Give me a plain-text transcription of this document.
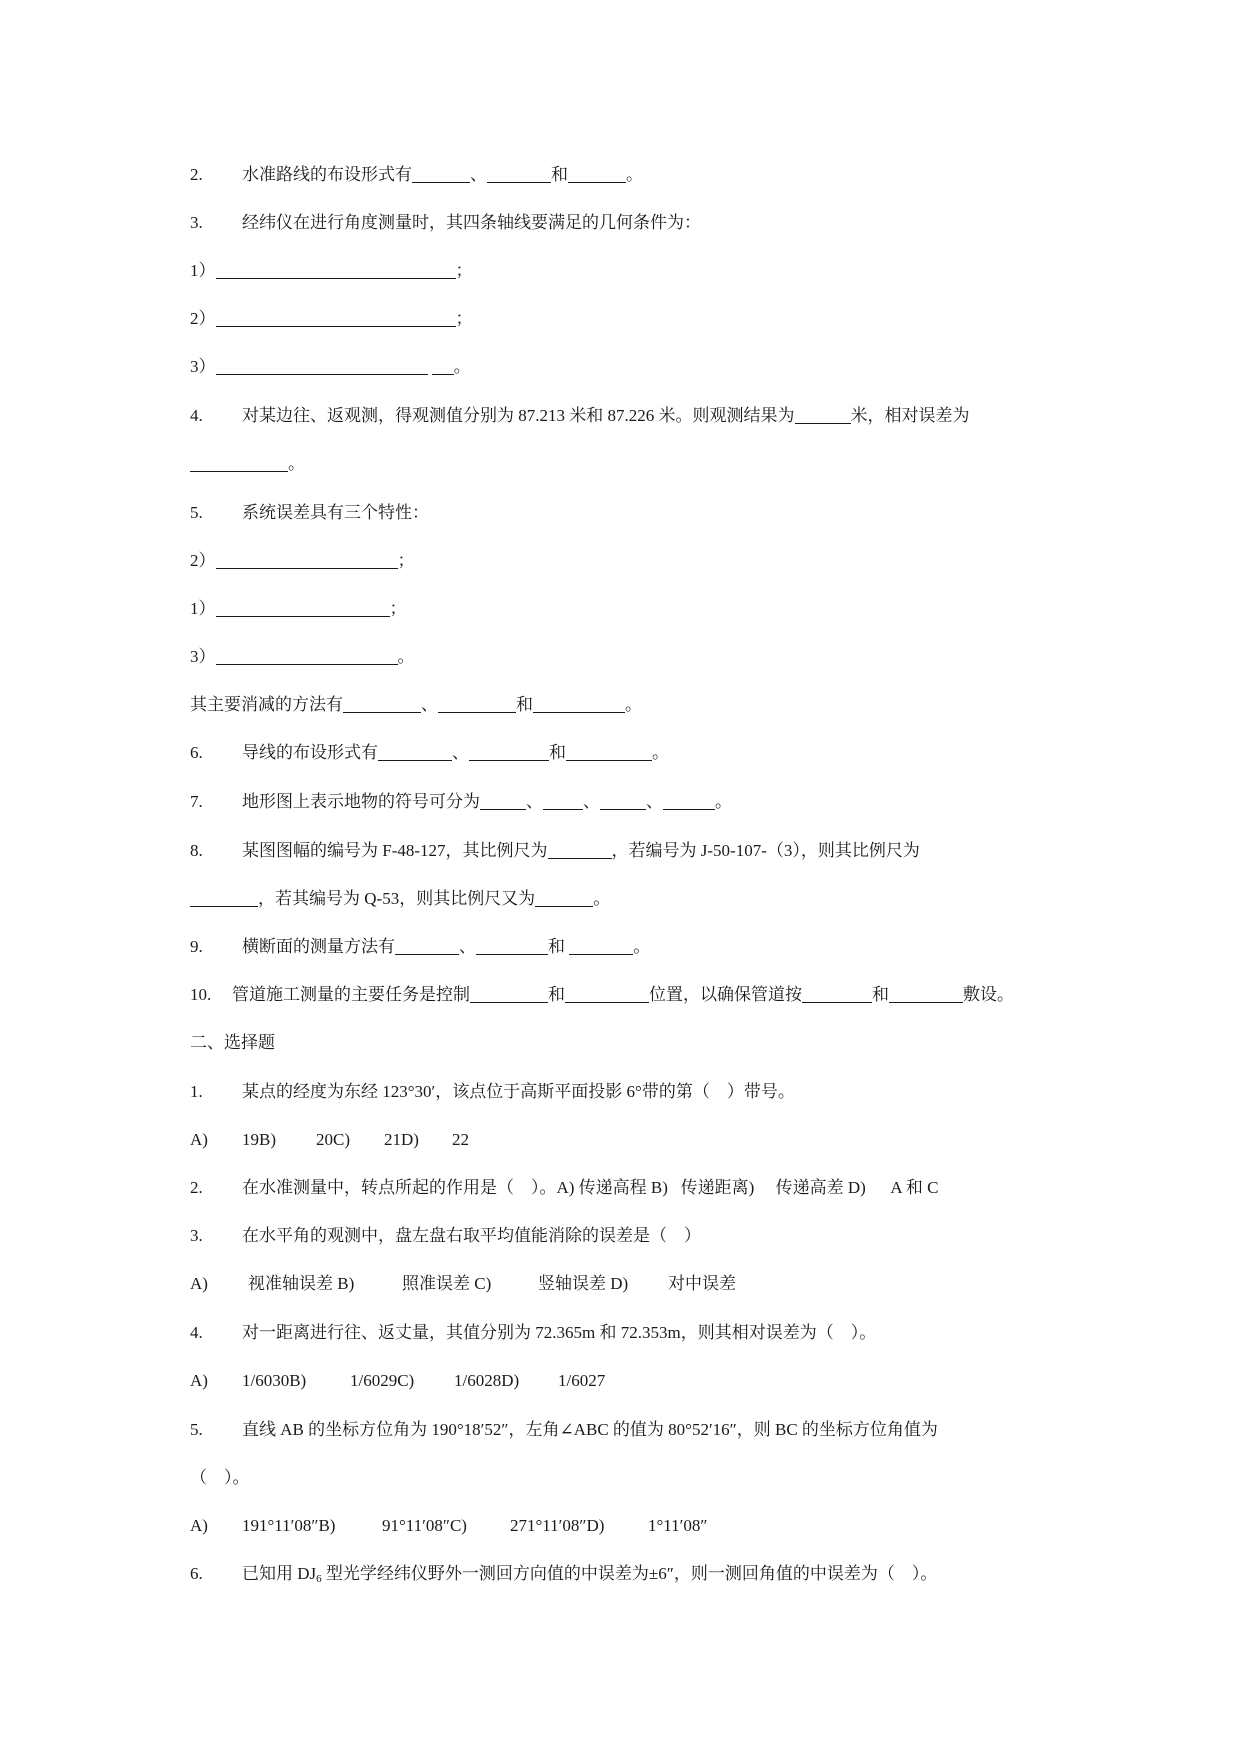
2. 水准路线的布设形式有	、	和	。
3. 经纬仪在进行角度测量时，其四条轴线要满足的几何条件为：
1）	；
2）	；
3）	。
4. 对某边往、返观测，得观测值分别为 87.213 米和 87.226 米。则观测结果为	米，相对误差为
。
5. 系统误差具有三个特性：
2）	；
1）	；
3）	。
其主要消减的方法有	、	和	。
6. 导线的布设形式有	、	和	。
7. 地形图上表示地物的符号可分为	、 、	、	。
8. 某图图幅的编号为 F-48-127，其比例尺为	，若编号为 J-50-107-（3），则其比例尺为
，若其编号为 Q-53，则其比例尺又为	。
9. 横断面的测量方法有	、	和	。
10. 管道施工测量的主要任务是控制	和	位置，以确保管道按	和	敷设。
二、选择题
1. 某点的经度为东经 123°30′，该点位于高斯平面投影 6°带的第（　）带号。
A) 19B) 20C) 21D) 22
2. 在水准测量中，转点所起的作用是（　）。A) 传递高程 B)   传递距离)     传递高差 D)      A 和 C
3. 在水平角的观测中，盘左盘右取平均值能消除的误差是（　）
A) 视准轴误差 B)	照准误差 C)	竖轴误差 D) 对中误差
4. 对一距离进行往、返丈量，其值分别为 72.365m 和 72.353m，则其相对误差为（　）。
A) 1/6030B)	1/6029C) 1/6028D) 1/6027
5. 直线 AB 的坐标方位角为 190°18′52″，左角∠ABC 的值为 80°52′16″，则 BC 的坐标方位角值为
（　）。
A) 191°11′08″B)	91°11′08″C)	271°11′08″D)	1°11′08″
6. 已知用 $DJ_6$ 型光学经纬仪野外一测回方向值的中误差为±6″，则一测回角值的中误差为（　）。
